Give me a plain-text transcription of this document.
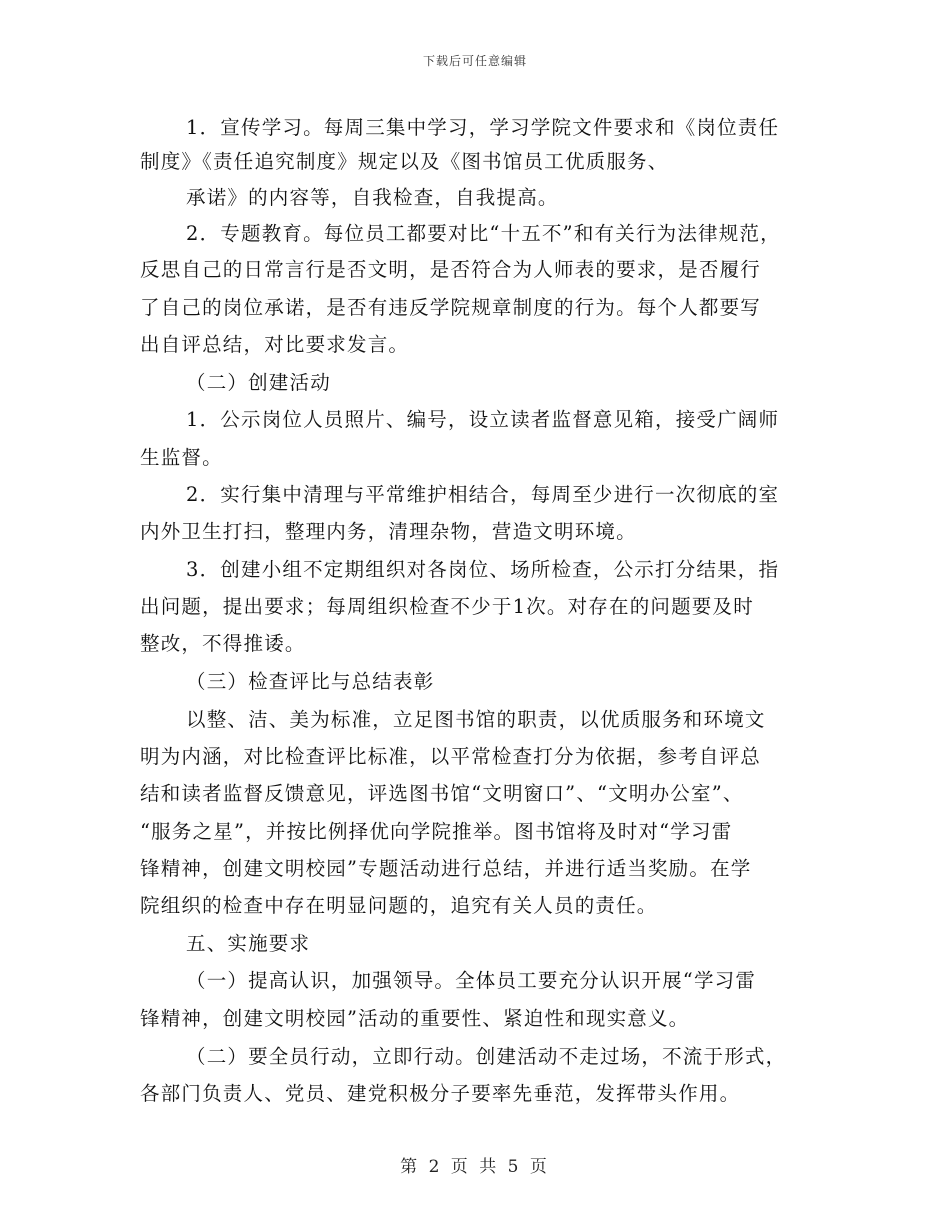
下载后可任意编辑
1．宣传学习。每周三集中学习，学习学院文件要求和《岗位责任
制度》《责任追究制度》规定以及《图书馆员工优质服务、
承诺》的内容等，自我检查，自我提高。
2．专题教育。每位员工都要对比“十五不”和有关行为法律规范，
反思自己的日常言行是否文明，是否符合为人师表的要求，是否履行
了自己的岗位承诺，是否有违反学院规章制度的行为。每个人都要写
出自评总结，对比要求发言。
（二）创建活动
1．公示岗位人员照片、编号，设立读者监督意见箱，接受广阔师
生监督。
2．实行集中清理与平常维护相结合，每周至少进行一次彻底的室
内外卫生打扫，整理内务，清理杂物，营造文明环境。
3．创建小组不定期组织对各岗位、场所检查，公示打分结果，指
出问题，提出要求；每周组织检查不少于1次。对存在的问题要及时
整改，不得推诿。
（三）检查评比与总结表彰
以整、洁、美为标准，立足图书馆的职责，以优质服务和环境文
明为内涵，对比检查评比标准，以平常检查打分为依据，参考自评总
结和读者监督反馈意见，评选图书馆“文明窗口”、“文明办公室”、
“服务之星”，并按比例择优向学院推举。图书馆将及时对“学习雷
锋精神，创建文明校园”专题活动进行总结，并进行适当奖励。在学
院组织的检查中存在明显问题的，追究有关人员的责任。
五、实施要求
（一）提高认识，加强领导。全体员工要充分认识开展“学习雷
锋精神，创建文明校园”活动的重要性、紧迫性和现实意义。
（二）要全员行动，立即行动。创建活动不走过场，不流于形式，
各部门负责人、党员、建党积极分子要率先垂范，发挥带头作用。
第 2 页 共 5 页
